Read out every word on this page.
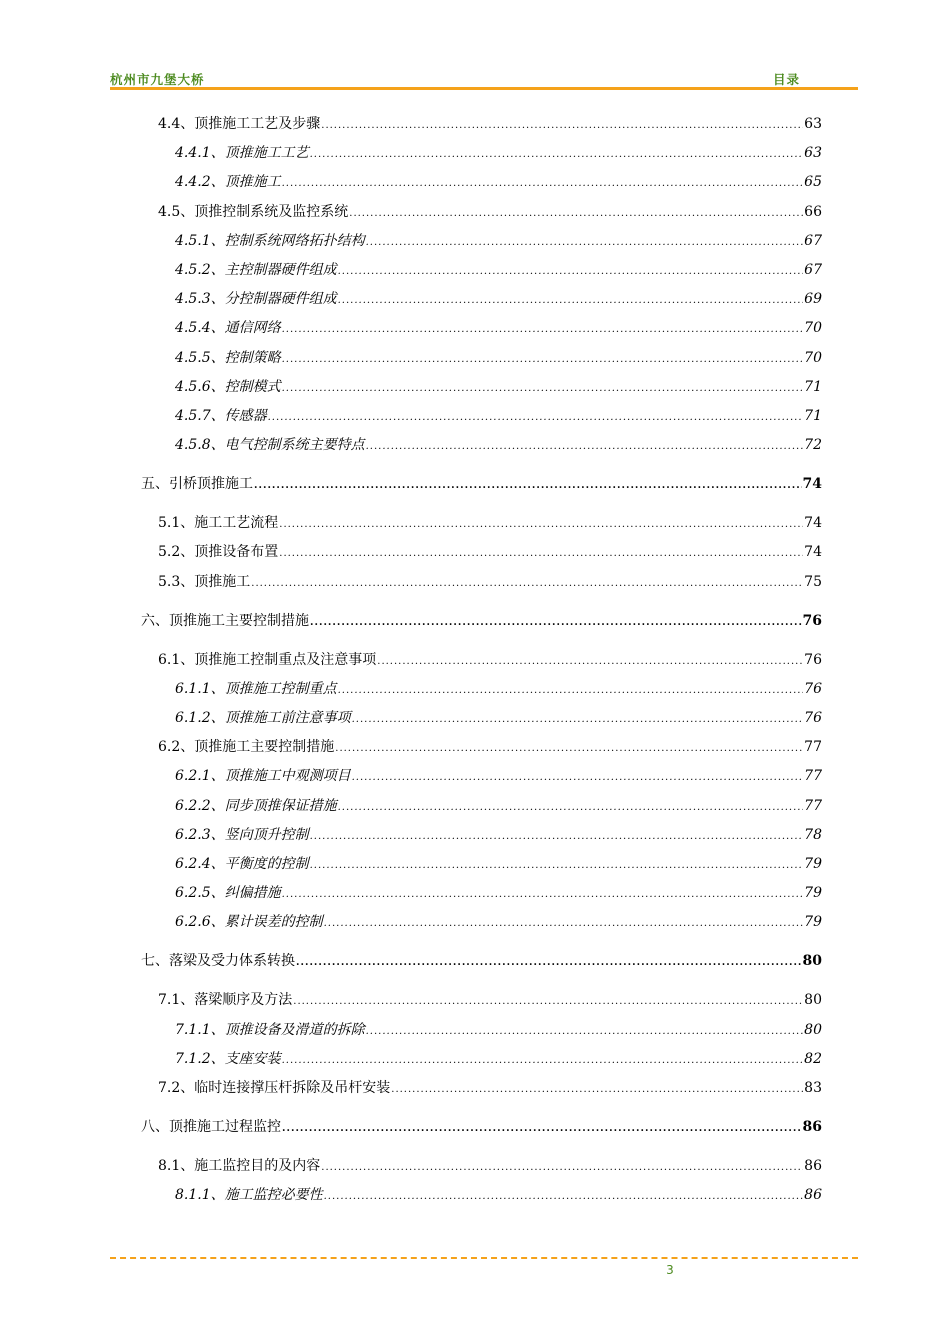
杭州市九堡大桥	目录
4.4、顶推施工工艺及步骤 .....	63
4.4.1、顶推施工工艺 .....	63
4.4.2、顶推施工 .....	65
4.5、顶推控制系统及监控系统 .....	66
4.5.1、控制系统网络拓扑结构 .....	67
4.5.2、主控制器硬件组成 .....	67
4.5.3、分控制器硬件组成 .....	69
4.5.4、通信网络 .....	70
4.5.5、控制策略 .....	70
4.5.6、控制模式 .....	71
4.5.7、传感器 .....	71
4.5.8、电气控制系统主要特点 .....	72
五、引桥顶推施工 .....	74
5.1、施工工艺流程 .....	74
5.2、顶推设备布置 .....	74
5.3、顶推施工 .....	75
六、顶推施工主要控制措施 .....	76
6.1、顶推施工控制重点及注意事项 .....	76
6.1.1、顶推施工控制重点 .....	76
6.1.2、顶推施工前注意事项 .....	76
6.2、顶推施工主要控制措施 .....	77
6.2.1、顶推施工中观测项目 .....	77
6.2.2、同步顶推保证措施 .....	77
6.2.3、竖向顶升控制 .....	78
6.2.4、平衡度的控制 .....	79
6.2.5、纠偏措施 .....	79
6.2.6、累计误差的控制 .....	79
七、落梁及受力体系转换 .....	80
7.1、落梁顺序及方法 .....	80
7.1.1、顶推设备及滑道的拆除 .....	80
7.1.2、支座安装 .....	82
7.2、临时连接撑压杆拆除及吊杆安装 .....	83
八、顶推施工过程监控 .....	86
8.1、施工监控目的及内容 .....	86
8.1.1、施工监控必要性 .....	86
3
